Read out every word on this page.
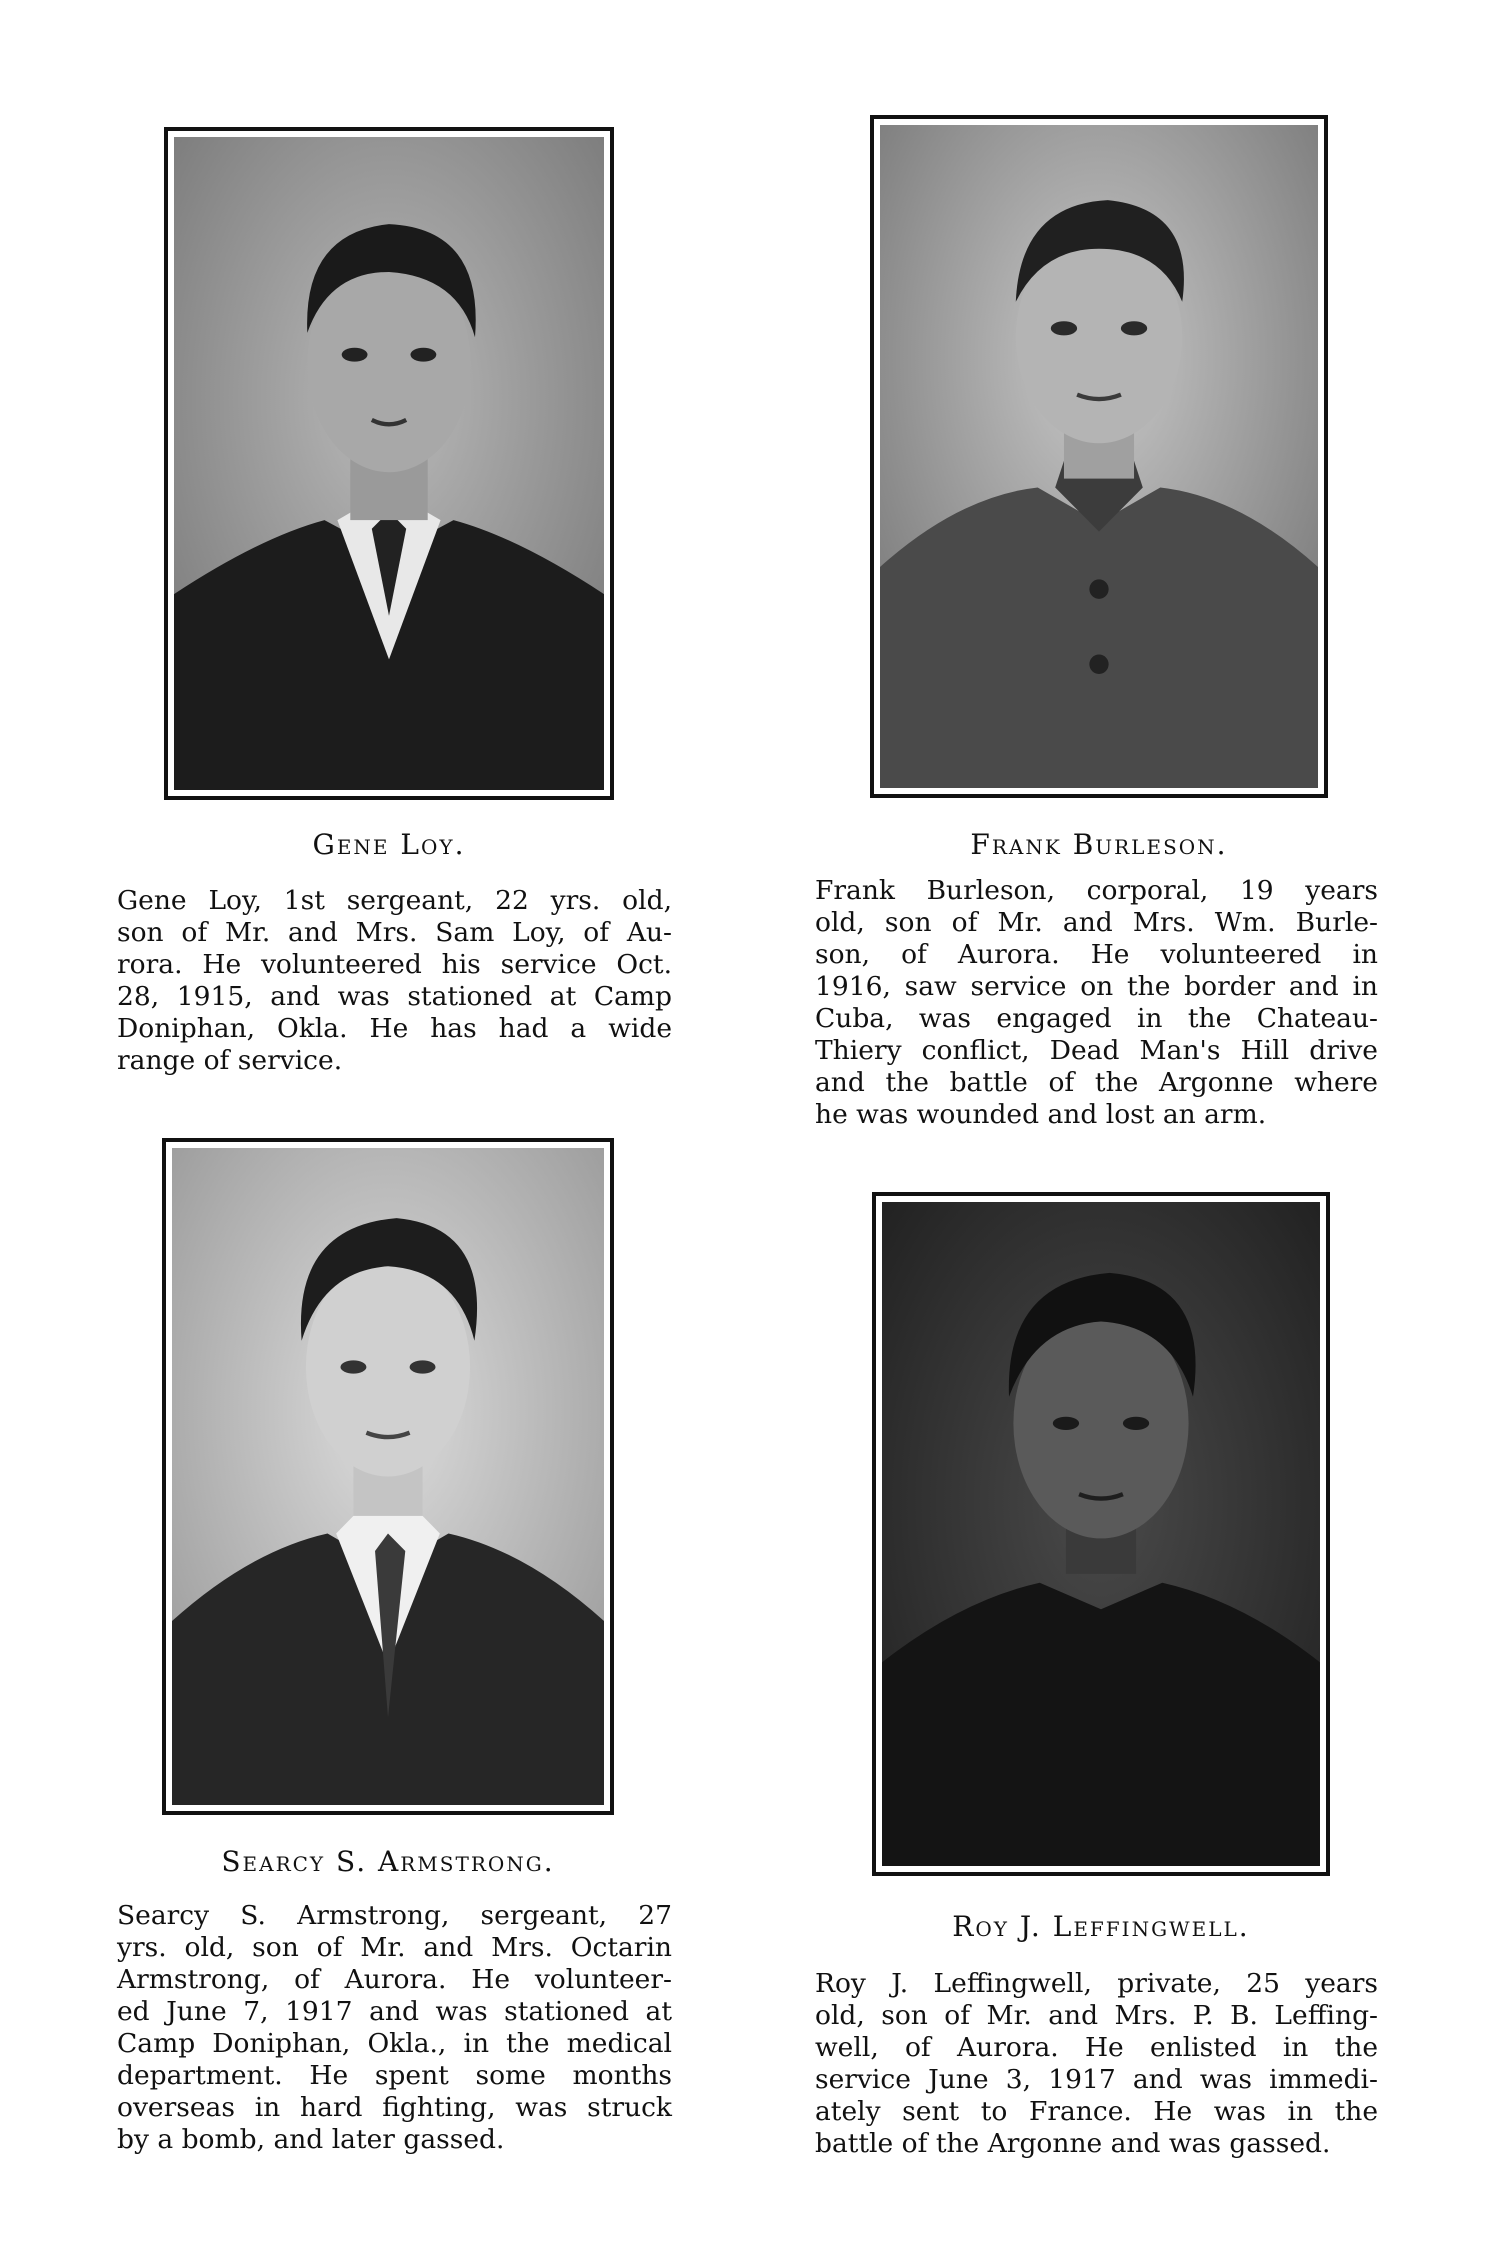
Gene Loy.
Gene Loy, 1st sergeant, 22 yrs. old,
son of Mr. and Mrs. Sam Loy, of Au-
rora. He volunteered his service Oct.
28, 1915, and was stationed at Camp
Doniphan, Okla. He has had a wide
range of service.
Frank Burleson.
Frank Burleson, corporal, 19 years
old, son of Mr. and Mrs. Wm. Burle-
son, of Aurora. He volunteered in
1916, saw service on the border and in
Cuba, was engaged in the Chateau-
Thiery conflict, Dead Man's Hill drive
and the battle of the Argonne where
he was wounded and lost an arm.
Searcy S. Armstrong.
Searcy S. Armstrong, sergeant, 27
yrs. old, son of Mr. and Mrs. Octarin
Armstrong, of Aurora. He volunteer-
ed June 7, 1917 and was stationed at
Camp Doniphan, Okla., in the medical
department. He spent some months
overseas in hard fighting, was struck
by a bomb, and later gassed.
Roy J. Leffingwell.
Roy J. Leffingwell, private, 25 years
old, son of Mr. and Mrs. P. B. Leffing-
well, of Aurora. He enlisted in the
service June 3, 1917 and was immedi-
ately sent to France. He was in the
battle of the Argonne and was gassed.
